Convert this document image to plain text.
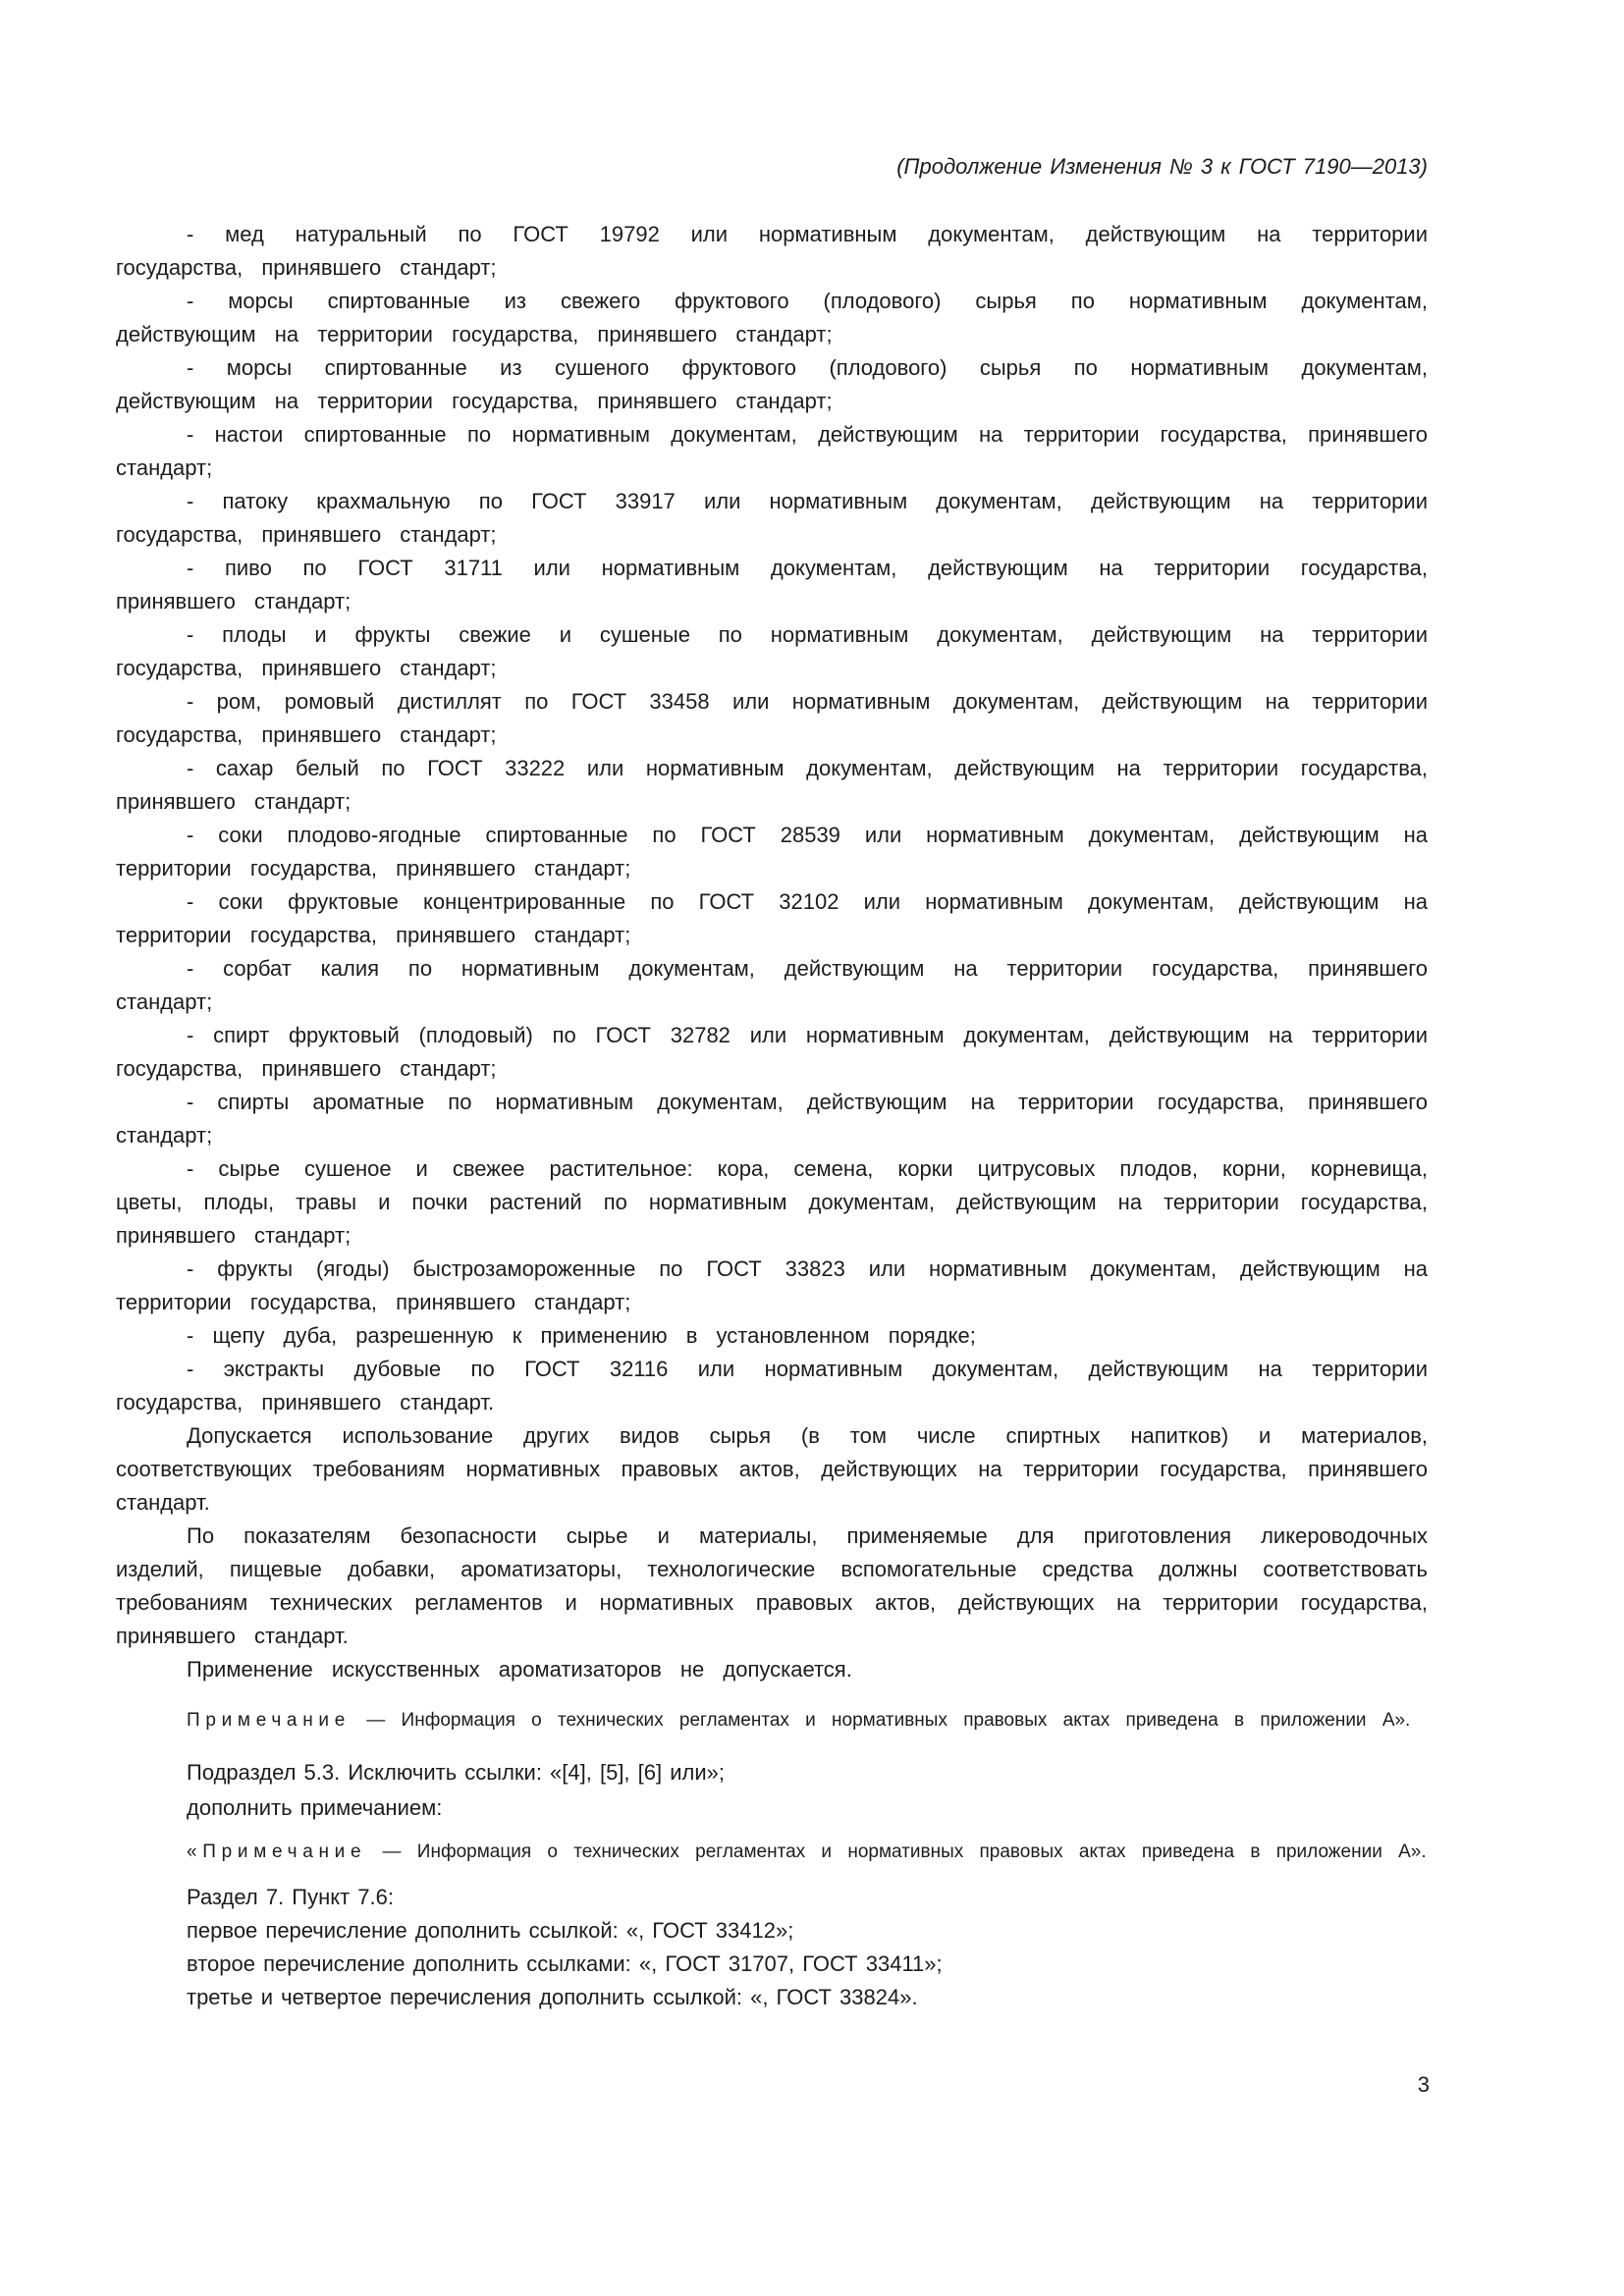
(Продолжение Изменения № 3 к ГОСТ 7190—2013)

- мед натуральный по ГОСТ 19792 или нормативным документам, действующим на территории государства, принявшего стандарт;

- морсы спиртованные из свежего фруктового (плодового) сырья по нормативным документам, действующим на территории государства, принявшего стандарт;

- морсы спиртованные из сушеного фруктового (плодового) сырья по нормативным документам, действующим на территории государства, принявшего стандарт;

- настои спиртованные по нормативным документам, действующим на территории государства, принявшего стандарт;

- патоку крахмальную по ГОСТ 33917 или нормативным документам, действующим на территории государства, принявшего стандарт;

- пиво по ГОСТ 31711 или нормативным документам, действующим на территории государства, принявшего стандарт;

- плоды и фрукты свежие и сушеные по нормативным документам, действующим на территории государства, принявшего стандарт;

- ром, ромовый дистиллят по ГОСТ 33458 или нормативным документам, действующим на территории государства, принявшего стандарт;

- сахар белый по ГОСТ 33222 или нормативным документам, действующим на территории государства, принявшего стандарт;

- соки плодово-ягодные спиртованные по ГОСТ 28539 или нормативным документам, действующим на территории государства, принявшего стандарт;

- соки фруктовые концентрированные по ГОСТ 32102 или нормативным документам, действующим на территории государства, принявшего стандарт;

- сорбат калия по нормативным документам, действующим на территории государства, принявшего стандарт;

- спирт фруктовый (плодовый) по ГОСТ 32782 или нормативным документам, действующим на территории государства, принявшего стандарт;

- спирты ароматные по нормативным документам, действующим на территории государства, принявшего стандарт;

- сырье сушеное и свежее растительное: кора, семена, корки цитрусовых плодов, корни, корневища, цветы, плоды, травы и почки растений по нормативным документам, действующим на территории государства, принявшего стандарт;

- фрукты (ягоды) быстрозамороженные по ГОСТ 33823 или нормативным документам, действующим на территории государства, принявшего стандарт;

- щепу дуба, разрешенную к применению в установленном порядке;

- экстракты дубовые по ГОСТ 32116 или нормативным документам, действующим на территории государства, принявшего стандарт.

Допускается использование других видов сырья (в том числе спиртных напитков) и материалов, соответствующих требованиям нормативных правовых актов, действующих на территории государства, принявшего стандарт.

По показателям безопасности сырье и материалы, применяемые для приготовления ликероводочных изделий, пищевые добавки, ароматизаторы, технологические вспомогательные средства должны соответствовать требованиям технических регламентов и нормативных правовых актов, действующих на территории государства, принявшего стандарт.

Применение искусственных ароматизаторов не допускается.

Примечание — Информация о технических регламентах и нормативных правовых актах приведена в приложении А».

Подраздел 5.3. Исключить ссылки: «[4], [5], [6] или»;

дополнить примечанием:

«Примечание — Информация о технических регламентах и нормативных правовых актах приведена в приложении А».

Раздел 7. Пункт 7.6:

первое перечисление дополнить ссылкой: «, ГОСТ 33412»;

второе перечисление дополнить ссылками: «, ГОСТ 31707, ГОСТ 33411»;

третье и четвертое перечисления дополнить ссылкой: «, ГОСТ 33824».

3
